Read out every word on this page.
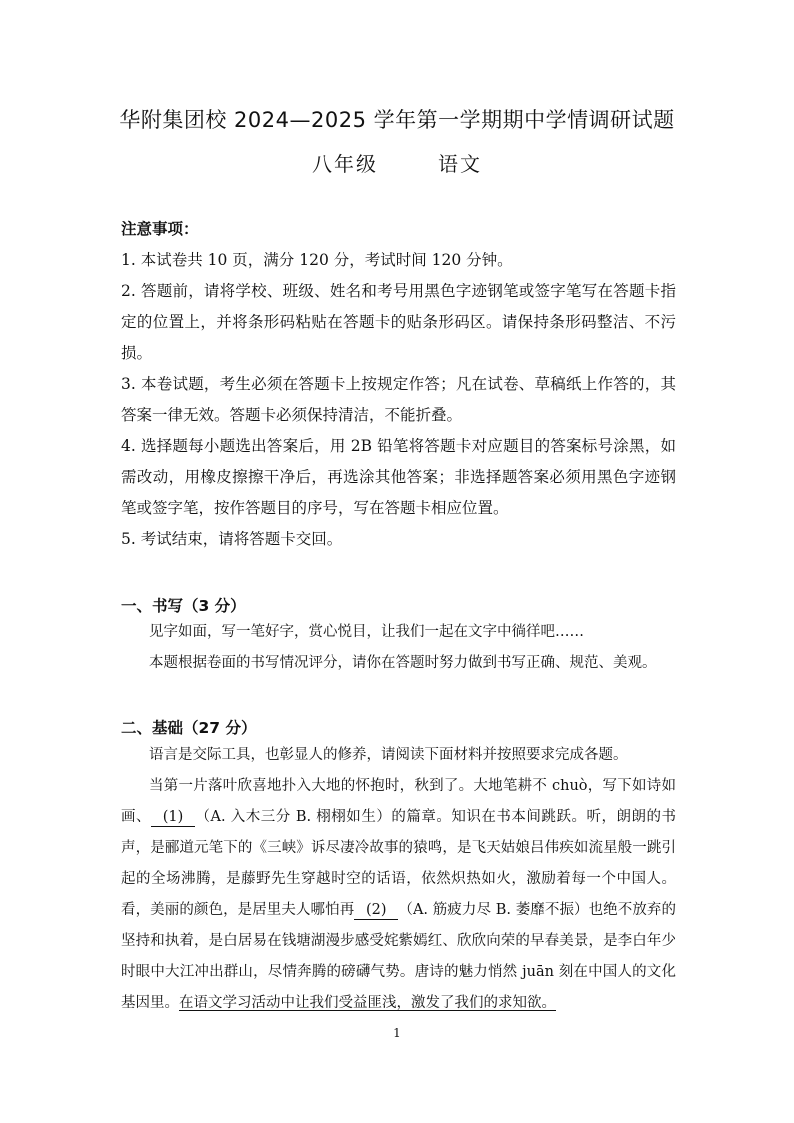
华附集团校 2024—2025 学年第一学期期中学情调研试题
八年级	语文
注意事项：
1. 本试卷共 10 页，满分 120 分，考试时间 120 分钟。
2. 答题前，请将学校、班级、姓名和考号用黑色字迹钢笔或签字笔写在答题卡指定的位置上，并将条形码粘贴在答题卡的贴条形码区。请保持条形码整洁、不污损。
3. 本卷试题，考生必须在答题卡上按规定作答；凡在试卷、草稿纸上作答的，其答案一律无效。答题卡必须保持清洁，不能折叠。
4. 选择题每小题选出答案后，用 2B 铅笔将答题卡对应题目的答案标号涂黑，如需改动，用橡皮擦擦干净后，再选涂其他答案；非选择题答案必须用黑色字迹钢笔或签字笔，按作答题目的序号，写在答题卡相应位置。
5. 考试结束，请将答题卡交回。
一、书写（3 分）
见字如面，写一笔好字，赏心悦目，让我们一起在文字中徜徉吧……
本题根据卷面的书写情况评分，请你在答题时努力做到书写正确、规范、美观。
二、基础（27 分）
语言是交际工具，也彰显人的修养，请阅读下面材料并按照要求完成各题。
当第一片落叶欣喜地扑入大地的怀抱时，秋到了。大地笔耕不 chuò，写下如诗如画、 (1) （A. 入木三分 B. 栩栩如生）的篇章。知识在书本间跳跃。听，朗朗的书声，是郦道元笔下的《三峡》诉尽凄冷故事的猿鸣，是飞天姑娘吕伟疾如流星般一跳引起的全场沸腾，是藤野先生穿越时空的话语，依然炽热如火，激励着每一个中国人。看，美丽的颜色，是居里夫人哪怕再 (2) （A. 筋疲力尽 B. 萎靡不振）也绝不放弃的坚持和执着，是白居易在钱塘湖漫步感受姹紫嫣红、欣欣向荣的早春美景，是李白年少时眼中大江冲出群山，尽情奔腾的磅礴气势。唐诗的魅力悄然 juān 刻在中国人的文化基因里。在语文学习活动中让我们受益匪浅，激发了我们的求知欲。
1
